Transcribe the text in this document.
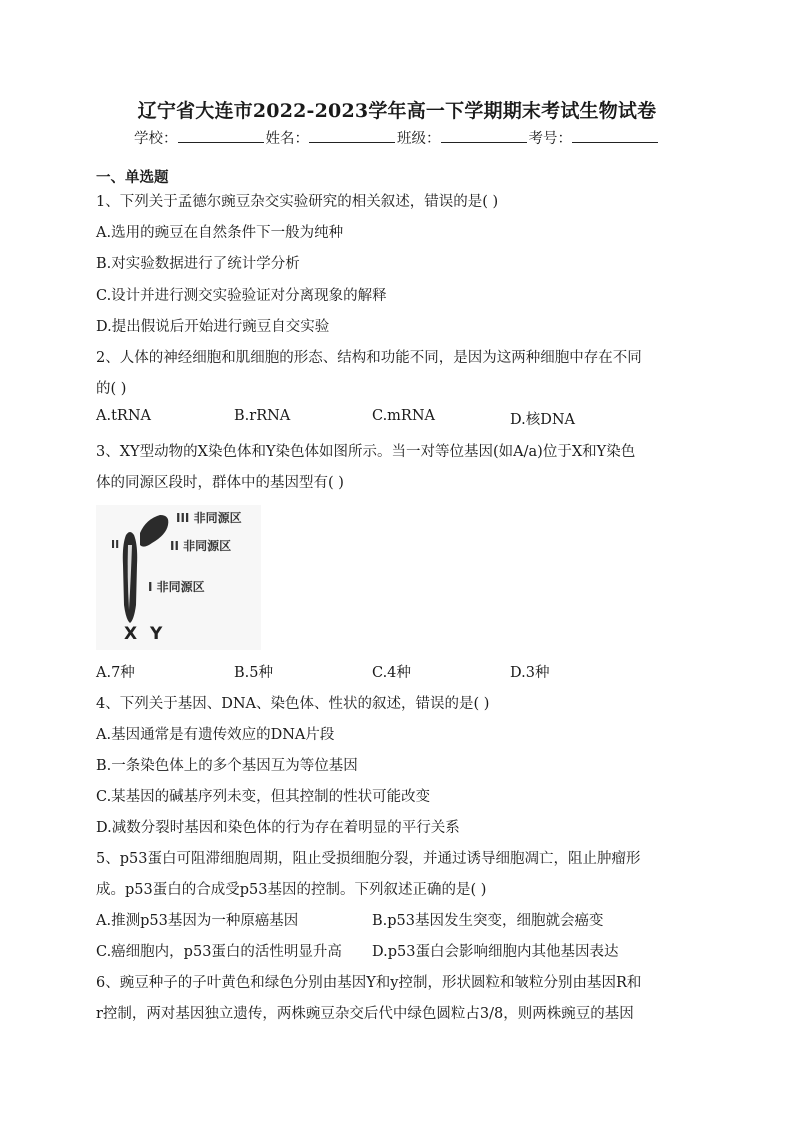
辽宁省大连市2022-2023学年高一下学期期末考试生物试卷
学校：	姓名：	班级：	考号：
一、单选题
1、下列关于孟德尔豌豆杂交实验研究的相关叙述，错误的是( )
A.选用的豌豆在自然条件下一般为纯种
B.对实验数据进行了统计学分析
C.设计并进行测交实验验证对分离现象的解释
D.提出假说后开始进行豌豆自交实验
2、人体的神经细胞和肌细胞的形态、结构和功能不同，是因为这两种细胞中存在不同
的( )
A.tRNA	B.rRNA	C.mRNA	D.核DNA
3、XY型动物的X染色体和Y染色体如图所示。当一对等位基因(如A/a)位于X和Y染色
体的同源区段时，群体中的基因型有( )
II
III 非同源区
II 非同源区
I 非同源区
X Y
A.7种	B.5种	C.4种	D.3种
4、下列关于基因、DNA、染色体、性状的叙述，错误的是( )
A.基因通常是有遗传效应的DNA片段
B.一条染色体上的多个基因互为等位基因
C.某基因的碱基序列未变，但其控制的性状可能改变
D.减数分裂时基因和染色体的行为存在着明显的平行关系
5、p53蛋白可阻滞细胞周期，阻止受损细胞分裂，并通过诱导细胞凋亡，阻止肿瘤形
成。p53蛋白的合成受p53基因的控制。下列叙述正确的是( )
A.推测p53基因为一种原癌基因	B.p53基因发生突变，细胞就会癌变
C.癌细胞内，p53蛋白的活性明显升高 D.p53蛋白会影响细胞内其他基因表达
6、豌豆种子的子叶黄色和绿色分别由基因Y和y控制，形状圆粒和皱粒分别由基因R和
r控制，两对基因独立遗传，两株豌豆杂交后代中绿色圆粒占3/8，则两株豌豆的基因
